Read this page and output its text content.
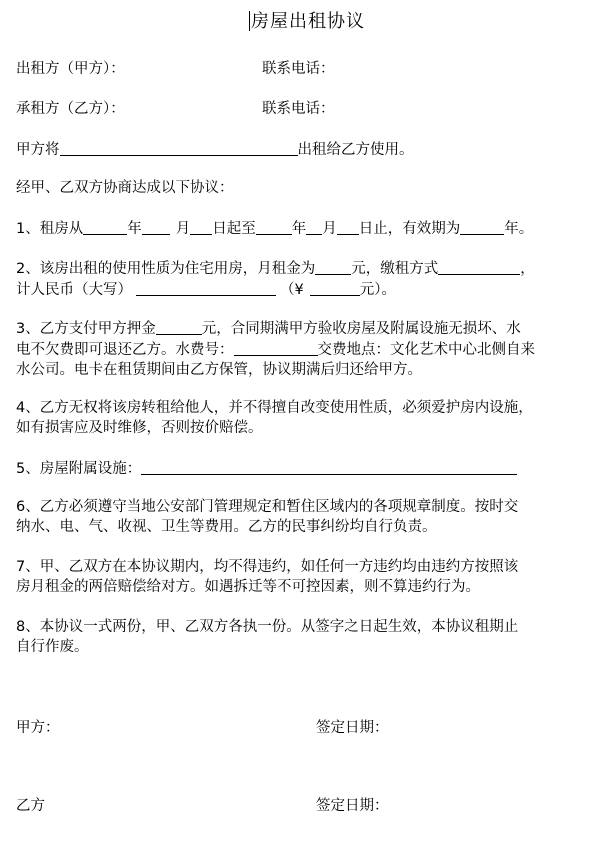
房屋出租协议
出租方（甲方）：	联系电话：
承租方（乙方）：	联系电话：
甲方将	出租给乙方使用。
经甲、乙双方协商达成以下协议：
1、租房从	年 月 日起至 年 月 日止，有效期为	年。
2、该房出租的使用性质为住宅用房，月租金为 元，缴租方式	，
计人民币（大写）	（¥	元）。
3、乙方支付甲方押金	元，合同期满甲方验收房屋及附属设施无损坏、水
电不欠费即可退还乙方。水费号：	交费地点：文化艺术中心北侧自来
水公司。电卡在租赁期间由乙方保管，协议期满后归还给甲方。
4、乙方无权将该房转租给他人，并不得擅自改变使用性质，必须爱护房内设施，
如有损害应及时维修，否则按价赔偿。
5、房屋附属设施：
6、乙方必须遵守当地公安部门管理规定和暂住区域内的各项规章制度。按时交
纳水、电、气、收视、卫生等费用。乙方的民事纠纷均自行负责。
7、甲、乙双方在本协议期内，均不得违约，如任何一方违约均由违约方按照该
房月租金的两倍赔偿给对方。如遇拆迁等不可控因素，则不算违约行为。
8、本协议一式两份，甲、乙双方各执一份。从签字之日起生效，本协议租期止
自行作废。
甲方：	签定日期：
乙方	签定日期：
